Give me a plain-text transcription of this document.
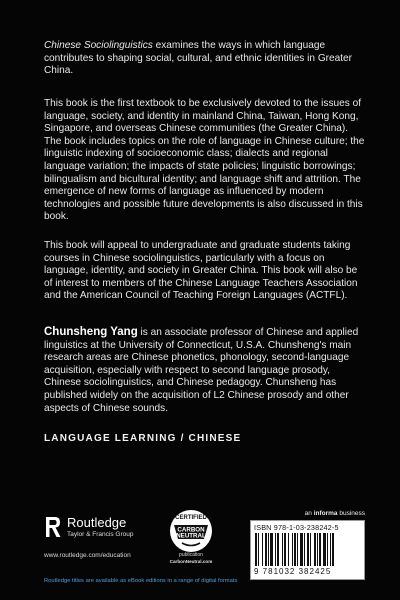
Chinese Sociolinguistics examines the ways in which language contributes to shaping social, cultural, and ethnic identities in Greater China.

This book is the first textbook to be exclusively devoted to the issues of language, society, and identity in mainland China, Taiwan, Hong Kong, Singapore, and overseas Chinese communities (the Greater China). The book includes topics on the role of language in Chinese culture; the linguistic indexing of socioeconomic class; dialects and regional language variation; the impacts of state policies; linguistic borrowings; bilingualism and bicultural identity; and language shift and attrition. The emergence of new forms of language as influenced by modern technologies and possible future developments is also discussed in this book.

This book will appeal to undergraduate and graduate students taking courses in Chinese sociolinguistics, particularly with a focus on language, identity, and society in Greater China. This book will also be of interest to members of the Chinese Language Teachers Association and the American Council of Teaching Foreign Languages (ACTFL).

Chunsheng Yang is an associate professor of Chinese and applied linguistics at the University of Connecticut, U.S.A. Chunsheng's main research areas are Chinese phonetics, phonology, second-language acquisition, especially with respect to second language prosody, Chinese sociolinguistics, and Chinese pedagogy. Chunsheng has published widely on the acquisition of L2 Chinese prosody and other aspects of Chinese sounds.

LANGUAGE LEARNING / CHINESE
Routledge
Taylor & Francis Group
www.routledge.com/education
CERTIFIED
CARBON
NEUTRAL
publication
CarbonNeutral.com
an informa business
ISBN 978-1-03-238242-5
9 781032 382425
Routledge titles are available as eBook editions in a range of digital formats
